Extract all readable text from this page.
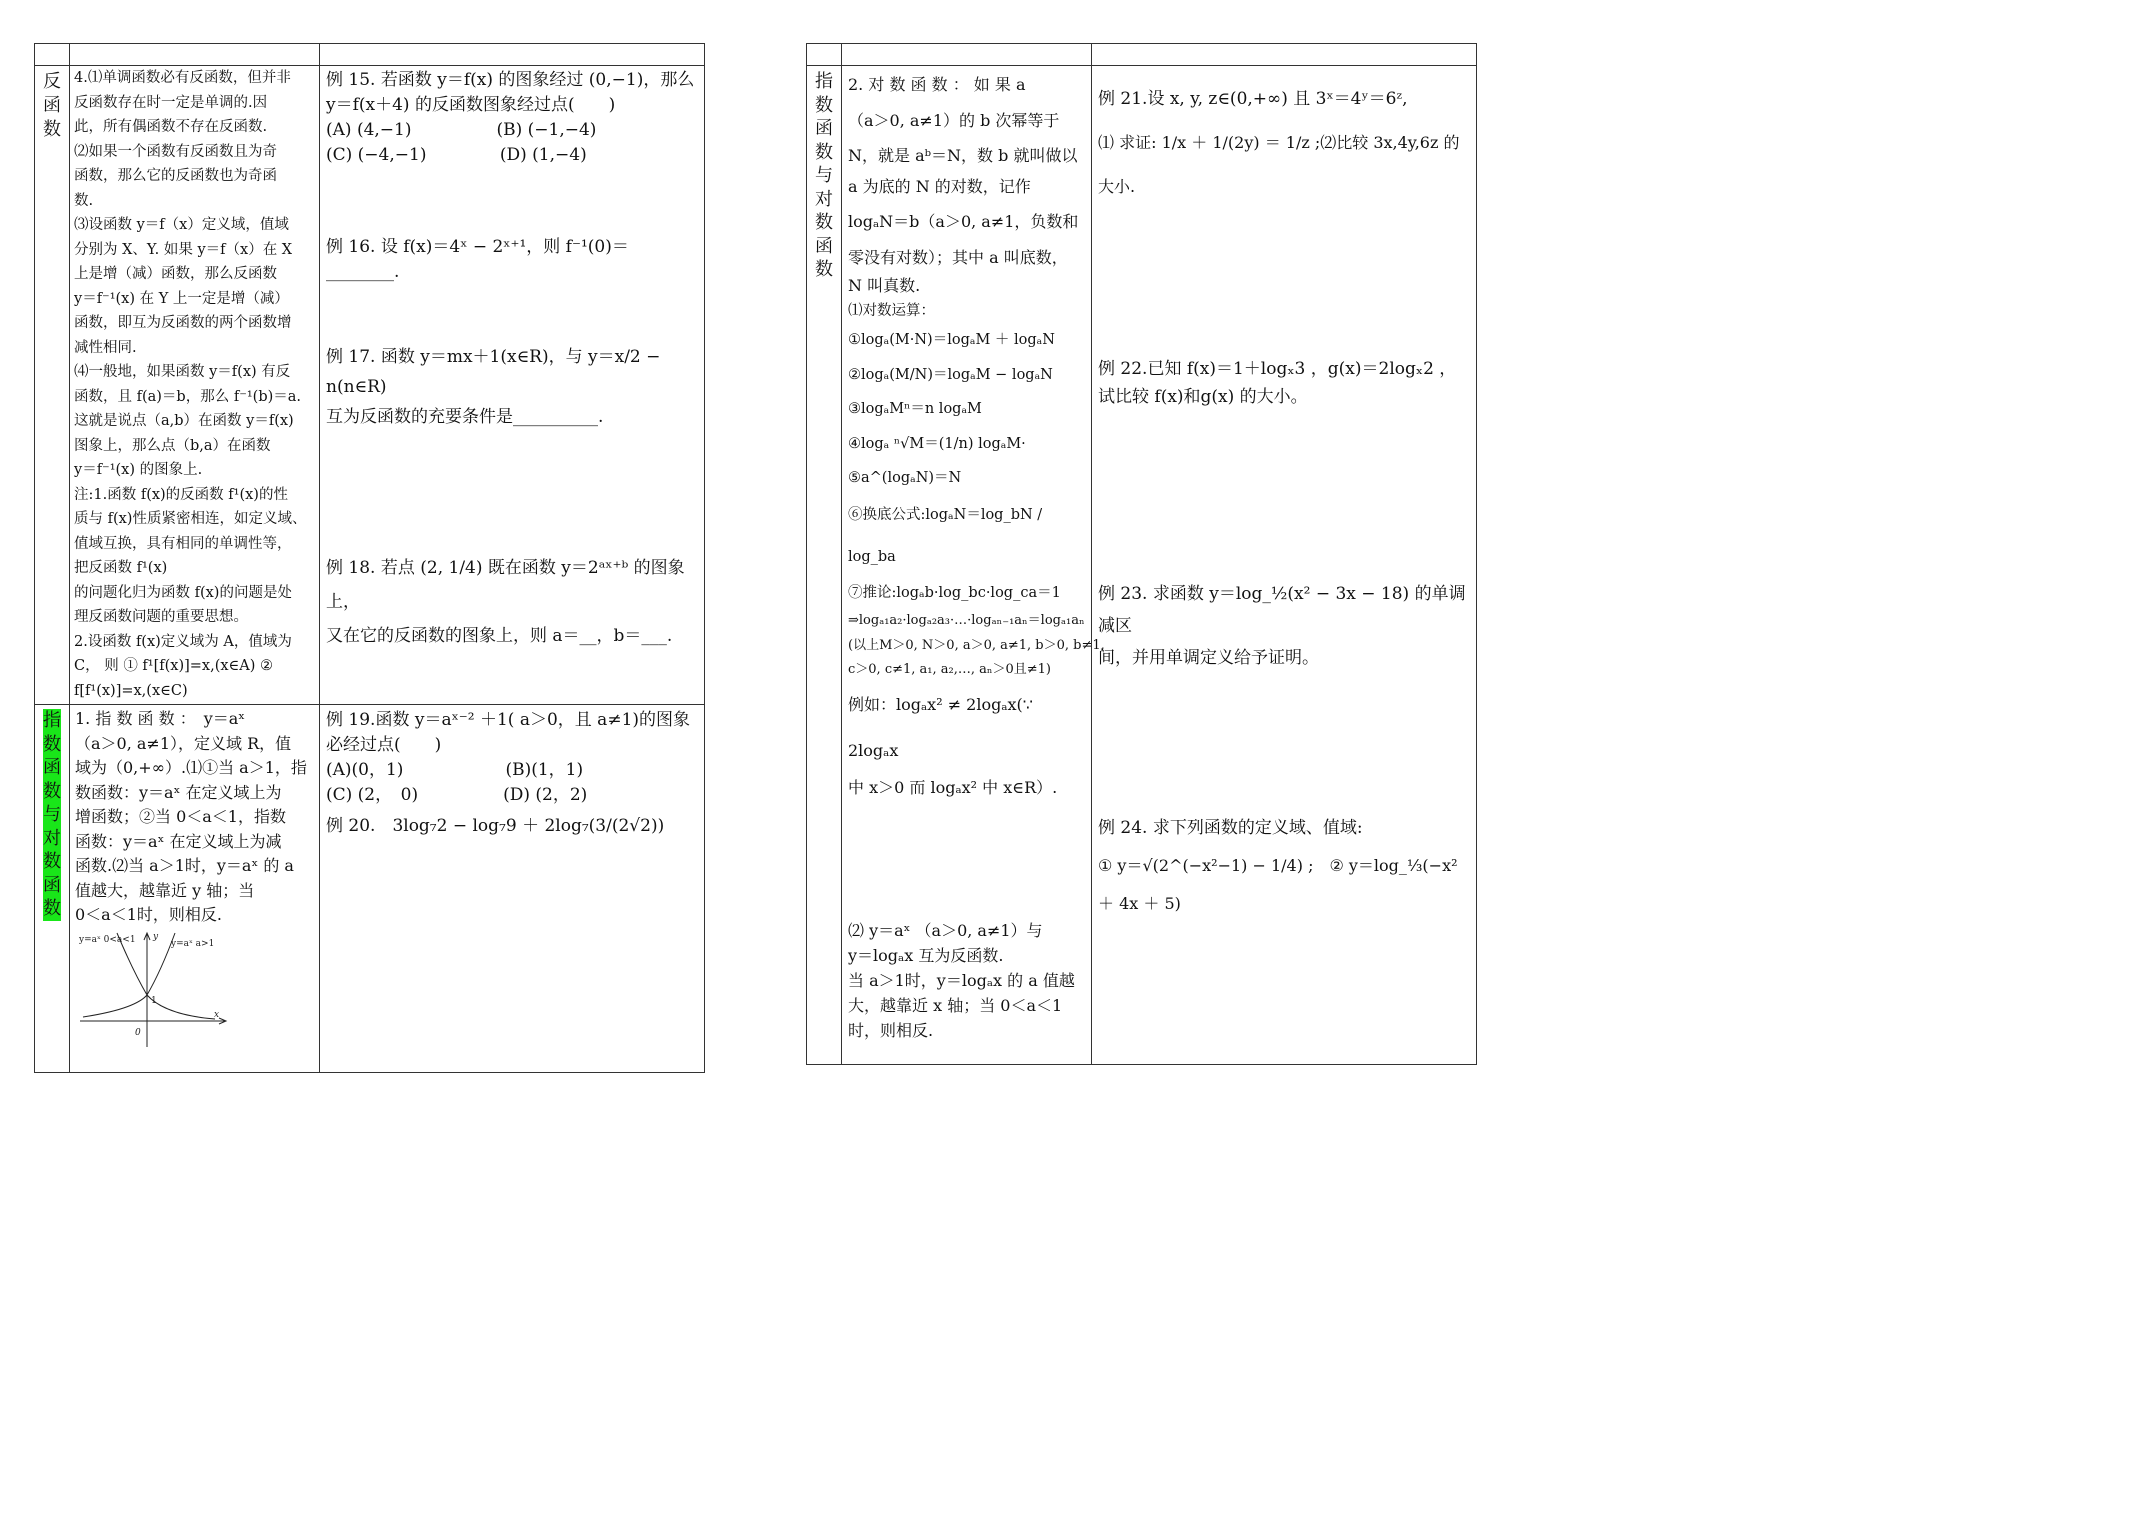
反
函
数

4.⑴单调函数必有反函数，但并非

反函数存在时一定是单调的.因

此，所有偶函数不存在反函数.

⑵如果一个函数有反函数且为奇

函数，那么它的反函数也为奇函

数.

⑶设函数 y＝f（x）定义域，值域

分别为 X、Y. 如果 y＝f（x）在 X

上是增（减）函数，那么反函数

y＝f⁻¹(x) 在 Y 上一定是增（减）

函数，即互为反函数的两个函数增

减性相同.

⑷一般地，如果函数 y＝f(x) 有反

函数，且 f(a)＝b，那么 f⁻¹(b)＝a.

这就是说点（a,b）在函数 y＝f(x)

图象上，那么点（b,a）在函数

y＝f⁻¹(x) 的图象上.

注:1.函数 f(x)的反函数 f¹(x)的性

质与 f(x)性质紧密相连，如定义域、

值域互换，具有相同的单调性等，

把反函数 f¹(x)

的问题化归为函数 f(x)的问题是处

理反函数问题的重要思想。

2.设函数 f(x)定义域为 A，值域为

C， 则 ① f¹[f(x)]=x,(x∈A) ②

f[f¹(x)]=x,(x∈C)

例 15. 若函数 y＝f(x) 的图象经过 (0,−1)，那么

y＝f(x＋4) 的反函数图象经过点(　　)

(A) (4,−1)　　　　　(B) (−1,−4)

(C) (−4,−1)　　　　 (D) (1,−4)

例 16. 设 f(x)＝4ˣ − 2ˣ⁺¹，则 f⁻¹(0)＝________.

例 17. 函数 y＝mx＋1(x∈R)，与 y＝x/2 − n(n∈R)

互为反函数的充要条件是__________.

例 18. 若点 (2, 1/4) 既在函数 y＝2ᵃˣ⁺ᵇ 的图象上，

又在它的反函数的图象上，则 a＝__，b＝___.

指
数
函
数
与
对
数
函
数

1. 指 数 函 数 ：　y＝aˣ

（a＞0, a≠1），定义域 R，值

域为（0,+∞）.⑴①当 a＞1，指

数函数：y＝aˣ 在定义域上为

增函数；②当 0＜a＜1，指数

函数：y＝aˣ 在定义域上为减

函数.⑵当 a＞1时，y＝aˣ 的 a

值越大，越靠近 y 轴；当

0＜a＜1时，则相反.

y=aˣ 0<a<1	y=aˣ a>1
y
x
0
1

例 19.函数 y＝aˣ⁻² ＋1( a＞0，且 a≠1)的图象

必经过点(　　)

(A)(0，1)　　　　　　(B)(1，1)

(C) (2，　0)　　　　　(D) (2，2)

例 20.　3log₇2 − log₇9 ＋ 2log₇(3/(2√2))

指
数
函
数
与
对
数
函
数

2. 对 数 函 数 ： 如 果 a

（a＞0, a≠1）的 b 次幂等于

N，就是 aᵇ＝N，数 b 就叫做以

a 为底的 N 的对数，记作

logₐN＝b（a＞0, a≠1，负数和

零没有对数）；其中 a 叫底数，

N 叫真数.

⑴对数运算：

①logₐ(M·N)＝logₐM ＋ logₐN

②logₐ(M/N)＝logₐM − logₐN

③logₐMⁿ＝n logₐM

④logₐ ⁿ√M＝(1/n) logₐM·

⑤a^(logₐN)＝N

⑥换底公式:logₐN＝log_bN / log_ba

⑦推论:logₐb·log_bc·log_ca＝1

⇒logₐ₁a₂·logₐ₂a₃·…·logₐₙ₋₁aₙ＝logₐ₁aₙ

(以上M＞0, N＞0, a＞0, a≠1, b＞0, b≠1,

c＞0, c≠1, a₁, a₂,…, aₙ＞0且≠1)

例如：logₐx² ≠ 2logₐx(∵ 2logₐx

中 x＞0 而 logₐx² 中 x∈R）.

⑵ y＝aˣ （a＞0, a≠1）与

y＝logₐx 互为反函数.

当 a＞1时，y＝logₐx 的 a 值越

大，越靠近 x 轴；当 0＜a＜1

时，则相反.

例 21.设 x, y, z∈(0,+∞) 且 3ˣ＝4ʸ＝6ᶻ,

⑴ 求证: 1/x ＋ 1/(2y) ＝ 1/z ;⑵比较 3x,4y,6z 的大小.

例 22.已知 f(x)＝1＋logₓ3 ，g(x)＝2logₓ2 ，

试比较 f(x)和g(x) 的大小。

例 23. 求函数 y＝log_½(x² − 3x − 18) 的单调减区

间，并用单调定义给予证明。

例 24. 求下列函数的定义域、值域:

① y＝√(2^(−x²−1) − 1/4) ;　② y＝log_⅓(−x² ＋ 4x ＋ 5)
